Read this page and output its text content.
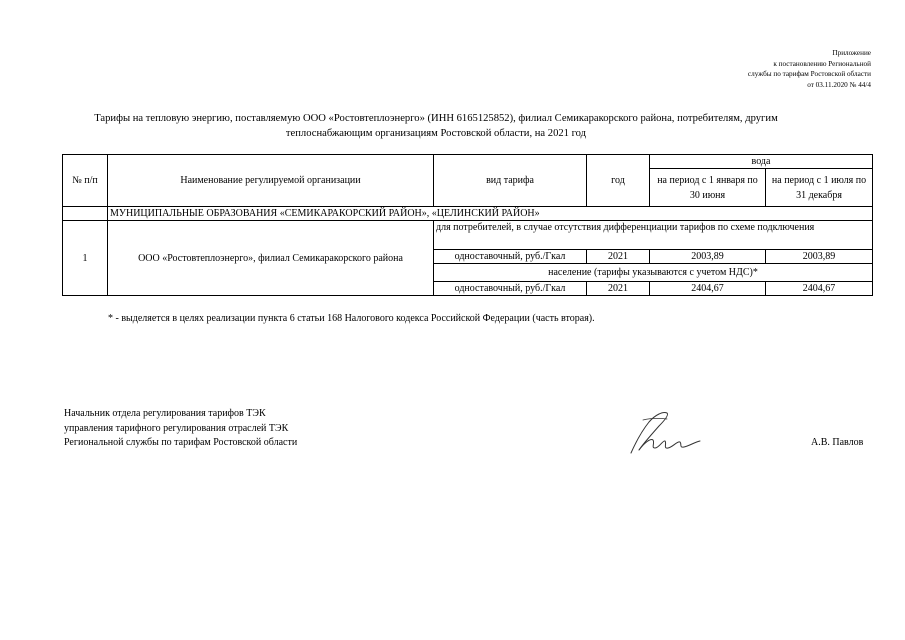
Приложение
к постановлению Региональной
службы по тарифам Ростовской области
от 03.11.2020 № 44/4
Тарифы на тепловую энергию, поставляемую ООО «Ростовтеплоэнерго» (ИНН 6165125852), филиал Семикаракорского района, потребителям, другим
теплоснабжающим организациям Ростовской области, на 2021 год
№ п/п	Наименование регулируемой организации	вид тарифа	год	вода	
				на период с 1 января по 30 июня	на период с 1 июля по 31 декабря
	МУНИЦИПАЛЬНЫЕ ОБРАЗОВАНИЯ «СЕМИКАРАКОРСКИЙ РАЙОН», «ЦЕЛИНСКИЙ РАЙОН»				
1	ООО «Ростовтеплоэнерго», филиал Семикаракорского района	для потребителей, в случае отсутствия дифференциации тарифов по схеме подключения			
		одноставочный, руб./Гкал	2021	2003,89	2003,89
		население (тарифы указываются с учетом НДС)*			
		одноставочный, руб./Гкал	2021	2404,67	2404,67
* - выделяется в целях реализации пункта 6 статьи 168 Налогового кодекса Российской Федерации (часть вторая).
Начальник отдела регулирования тарифов ТЭК
управления тарифного регулирования отраслей ТЭК
Региональной службы по тарифам Ростовской области	А.В. Павлов
